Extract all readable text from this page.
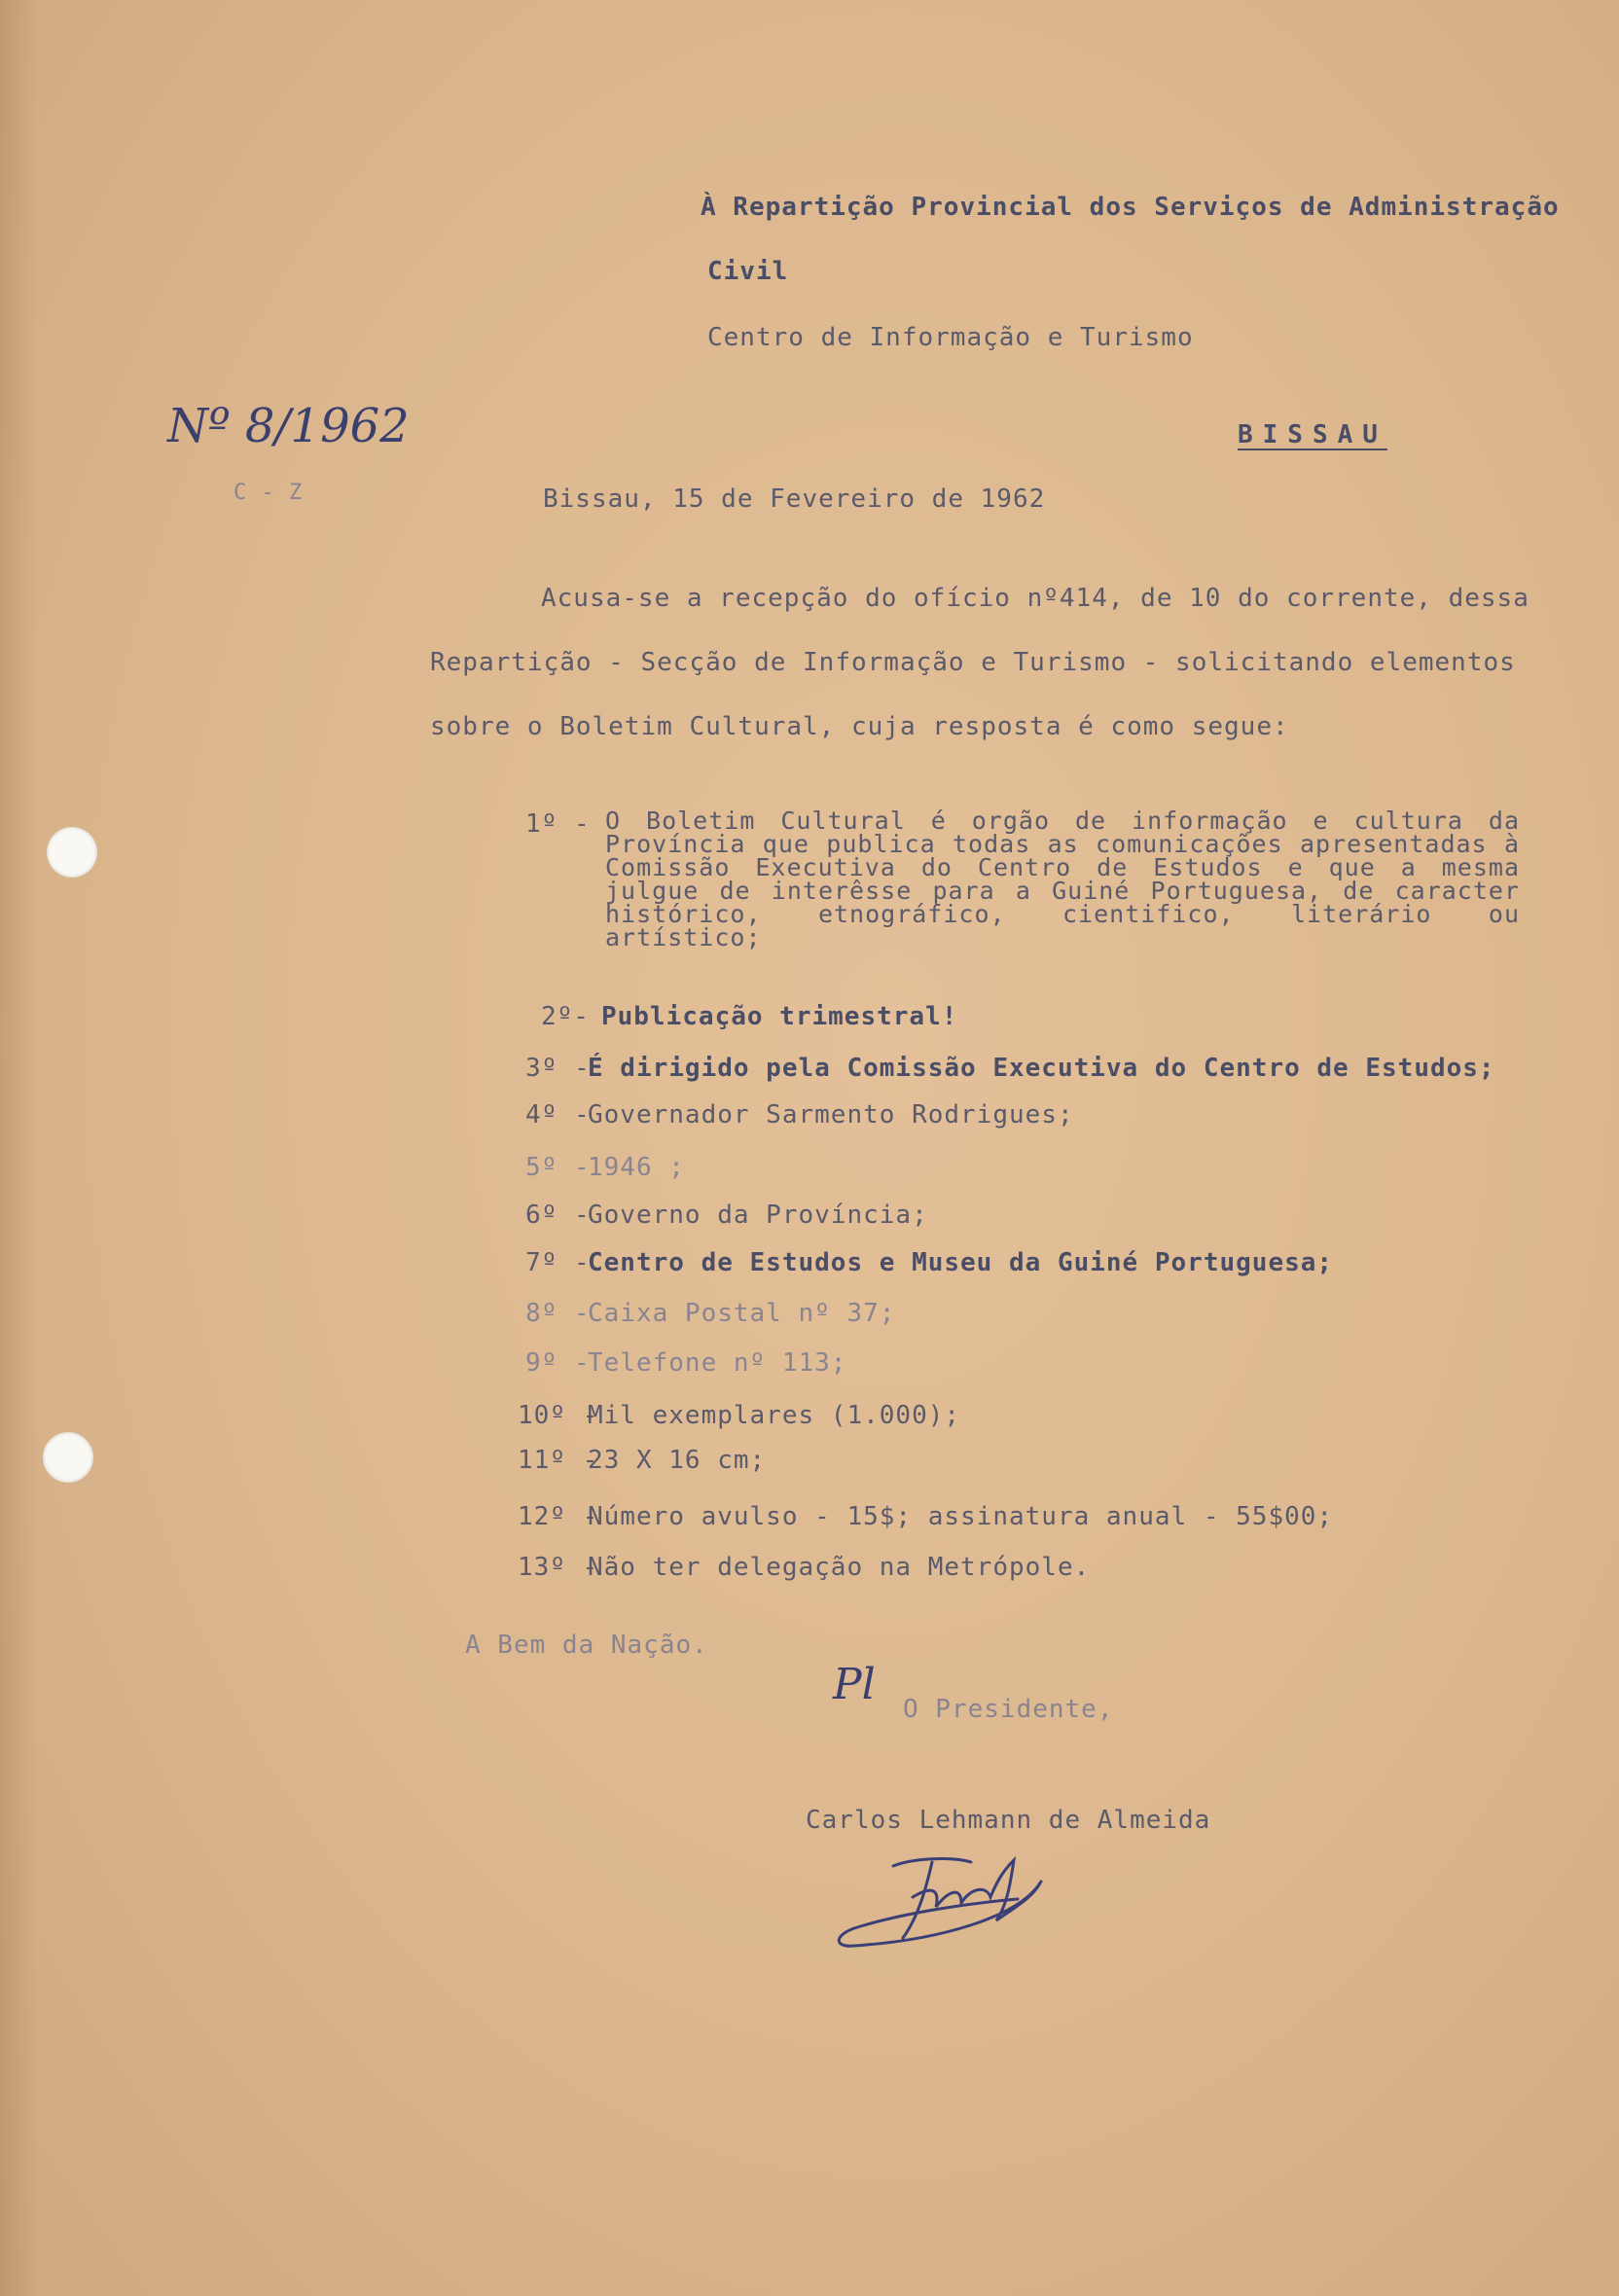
À Repartição Provincial dos Serviços de Administração
Civil
Centro de Informação e Turismo
BISSAU
Nº 8/1962
C - Z	Bissau, 15 de Fevereiro de 1962
Acusa-se a recepção do ofício nº414, de 10 do corrente, dessa
Repartição - Secção de Informação e Turismo - solicitando elementos
sobre o Boletim Cultural, cuja resposta é como segue:
1º - O Boletim Cultural é orgão de informação e cultura da Província que publica todas as comunicações apresentadas à Comissão Executiva do Centro de Estudos e que a mesma julgue de interêsse para a Guiné Portuguesa, de caracter histórico, etnográfico, cientifico, literário ou artístico;
2º- Publicação trimestral!
3º -
É dirigido pela Comissão Executiva do Centro de Estudos;
4º -
Governador Sarmento Rodrigues;
5º -
1946 ;
6º -
Governo da Província;
7º -
Centro de Estudos e Museu da Guiné Portuguesa;
8º -
Caixa Postal nº 37;
9º -
Telefone nº 113;
10º -
Mil exemplares (1.000);
11º -
23 X 16 cm;
12º -
Número avulso - 15$; assinatura anual - 55$00;
13º -
Não ter delegação na Metrópole.
A Bem da Nação.
Pl O Presidente,
Carlos Lehmann de Almeida
